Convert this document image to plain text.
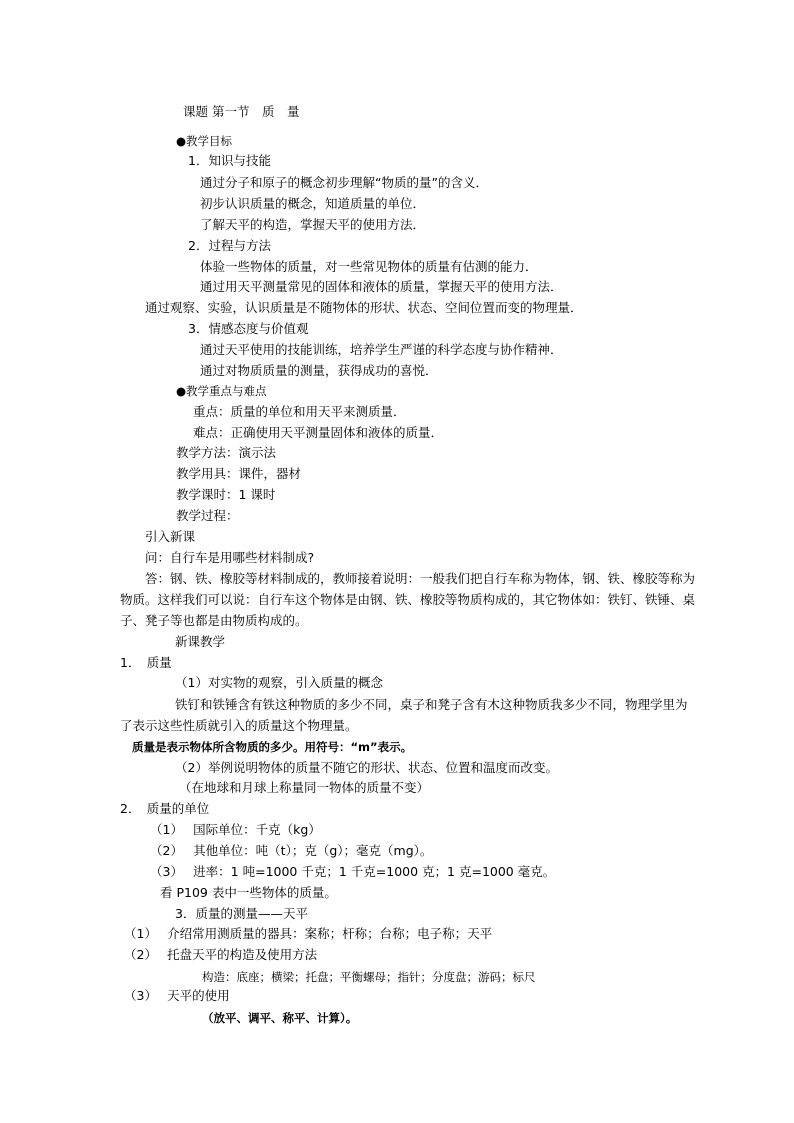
课题 第一节　质　量
●教学目标
1．知识与技能
通过分子和原子的概念初步理解“物质的量”的含义．
初步认识质量的概念，知道质量的单位．
了解天平的构造，掌握天平的使用方法．
2．过程与方法
体验一些物体的质量，对一些常见物体的质量有估测的能力．
通过用天平测量常见的固体和液体的质量，掌握天平的使用方法．
通过观察、实验，认识质量是不随物体的形状、状态、空间位置而变的物理量．
3．情感态度与价值观
通过天平使用的技能训练，培养学生严谨的科学态度与协作精神．
通过对物质质量的测量，获得成功的喜悦．
●教学重点与难点
重点：质量的单位和用天平来测质量．
难点：正确使用天平测量固体和液体的质量．
教学方法：演示法
教学用具：课件，器材
教学课时：1 课时
教学过程：
引入新课
问：自行车是用哪些材料制成?
答：钢、铁、橡胶等材料制成的，教师接着说明：一般我们把自行车称为物体，钢、铁、橡胶等称为
物质。这样我们可以说：自行车这个物体是由钢、铁、橡胶等物质构成的，其它物体如：铁钉、铁锤、桌
子、凳子等也都是由物质构成的。
新课教学
1．　质量
（1）对实物的观察，引入质量的概念
铁钉和铁锤含有铁这种物质的多少不同，桌子和凳子含有木这种物质我多少不同，物理学里为
了表示这些性质就引入的质量这个物理量。
质量是表示物体所含物质的多少。用符号：“m”表示。
（2）举例说明物体的质量不随它的形状、状态、位置和温度而改变。
（在地球和月球上称量同一物体的质量不变）
2．　质量的单位
（1）　 国际单位：千克（kg）
（2）　 其他单位：吨（t）；克（g）；毫克（mg）。
（3）　 进率：1 吨=1000 千克；1 千克=1000 克；1 克=1000 毫克。
看 P109 表中一些物体的质量。
3．质量的测量——天平
（1）　 介绍常用测质量的器具：案称；杆称；台称；电子称；天平
（2）　 托盘天平的构造及使用方法
构造：底座；横梁；托盘；平衡螺母；指针；分度盘；游码；标尺
（3）　 天平的使用
（放平、调平、称平、计算）。
